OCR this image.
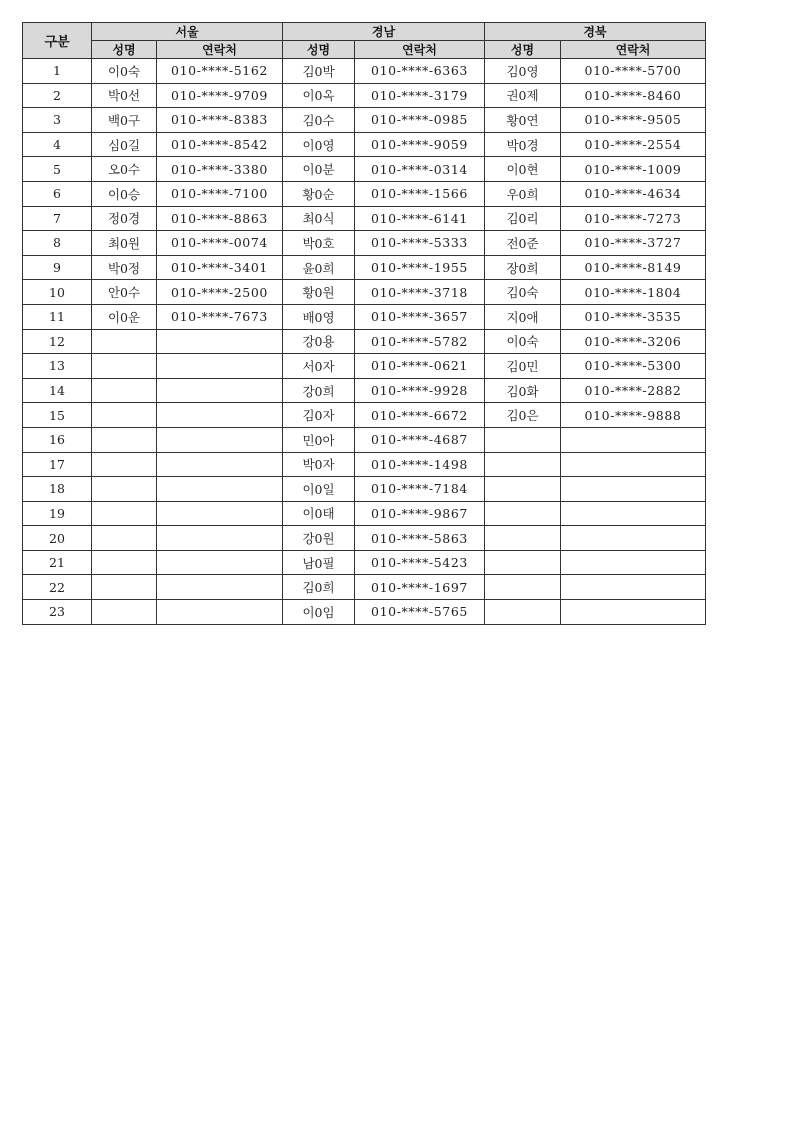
구분	서울		경남		경북	
	성명	연락처	성명	연락처	성명	연락처
1	이0숙	010-****-5162	김0박	010-****-6363	김0영	010-****-5700
2	박0선	010-****-9709	이0옥	010-****-3179	권0제	010-****-8460
3	백0구	010-****-8383	김0수	010-****-0985	황0연	010-****-9505
4	심0길	010-****-8542	이0영	010-****-9059	박0경	010-****-2554
5	오0수	010-****-3380	이0분	010-****-0314	이0현	010-****-1009
6	이0승	010-****-7100	황0순	010-****-1566	우0희	010-****-4634
7	정0경	010-****-8863	최0식	010-****-6141	김0리	010-****-7273
8	최0원	010-****-0074	박0호	010-****-5333	전0준	010-****-3727
9	박0정	010-****-3401	윤0희	010-****-1955	장0희	010-****-8149
10	안0수	010-****-2500	황0원	010-****-3718	김0숙	010-****-1804
11	이0운	010-****-7673	배0영	010-****-3657	지0애	010-****-3535
12			강0용	010-****-5782	이0숙	010-****-3206
13			서0자	010-****-0621	김0민	010-****-5300
14			강0희	010-****-9928	김0화	010-****-2882
15			김0자	010-****-6672	김0은	010-****-9888
16			민0아	010-****-4687		
17			박0자	010-****-1498		
18			이0일	010-****-7184		
19			이0태	010-****-9867		
20			강0원	010-****-5863		
21			남0필	010-****-5423		
22			김0희	010-****-1697		
23			이0임	010-****-5765		
